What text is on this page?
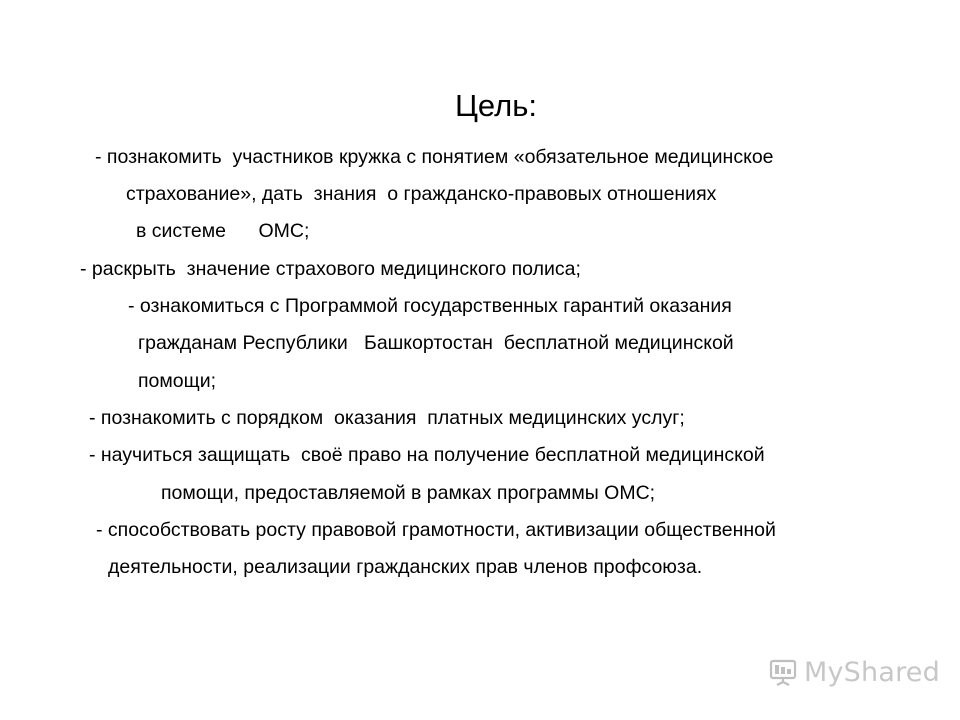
Цель:
- познакомить  участников кружка с понятием «обязательное медицинское
страхование», дать  знания  о гражданско-правовых отношениях
в системе      ОМС;
- раскрыть  значение страхового медицинского полиса;
- ознакомиться с Программой государственных гарантий оказания
гражданам Республики   Башкортостан  бесплатной медицинской
помощи;
- познакомить с порядком  оказания  платных медицинских услуг;
- научиться защищать  своё право на получение бесплатной медицинской
помощи, предоставляемой в рамках программы ОМС;
- способствовать росту правовой грамотности, активизации общественной
деятельности, реализации гражданских прав членов профсоюза.
MyShared
